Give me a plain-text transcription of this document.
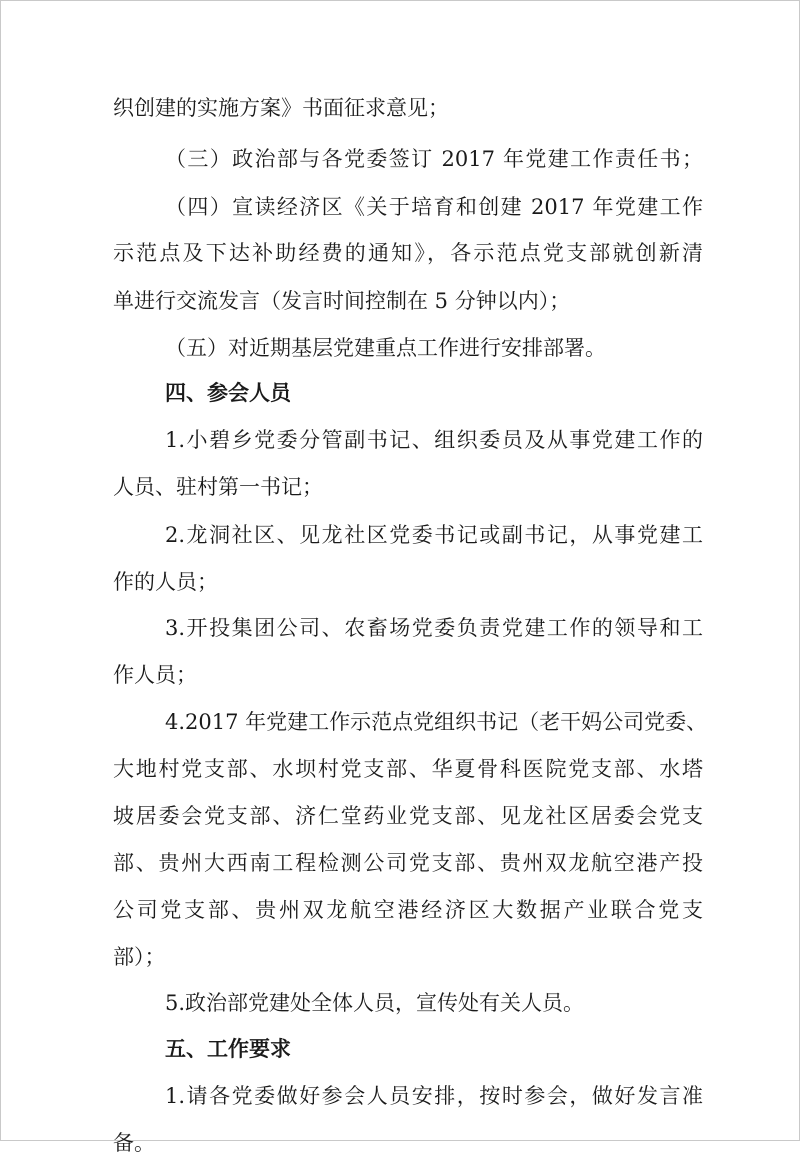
织创建的实施方案》书面征求意见；
（三）政治部与各党委签订 2017 年党建工作责任书；
（四）宣读经济区《关于培育和创建 2017 年党建工作
示范点及下达补助经费的通知》，各示范点党支部就创新清
单进行交流发言（发言时间控制在 5 分钟以内）；
（五）对近期基层党建重点工作进行安排部署。
四、参会人员
1.小碧乡党委分管副书记、组织委员及从事党建工作的
人员、驻村第一书记；
2.龙洞社区、见龙社区党委书记或副书记，从事党建工
作的人员；
3.开投集团公司、农畜场党委负责党建工作的领导和工
作人员；
4.2017 年党建工作示范点党组织书记（老干妈公司党委、
大地村党支部、水坝村党支部、华夏骨科医院党支部、水塔
坡居委会党支部、济仁堂药业党支部、见龙社区居委会党支
部、贵州大西南工程检测公司党支部、贵州双龙航空港产投
公司党支部、贵州双龙航空港经济区大数据产业联合党支
部）；
5.政治部党建处全体人员，宣传处有关人员。
五、工作要求
1.请各党委做好参会人员安排，按时参会，做好发言准
备。
